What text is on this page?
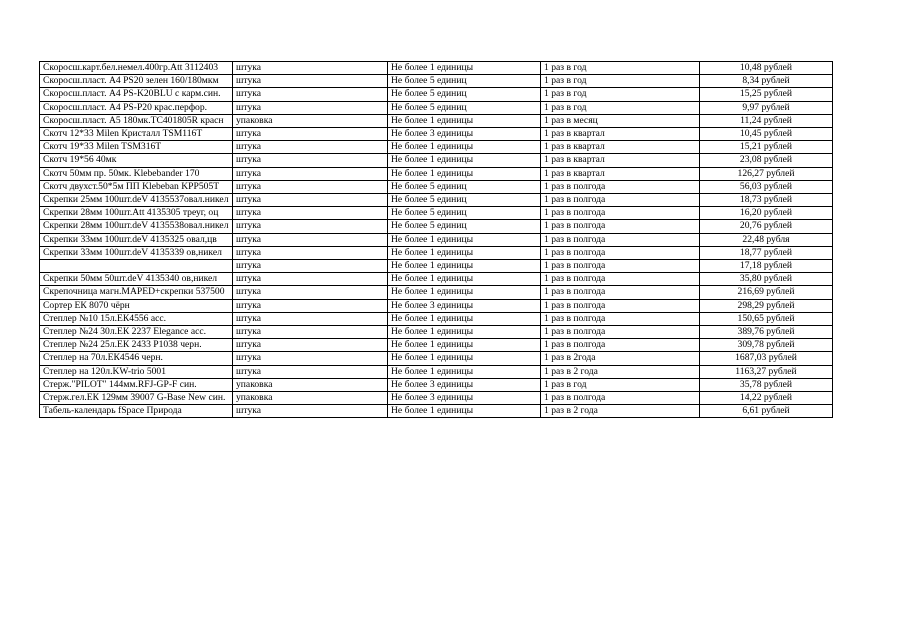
Скоросш.карт.бел.немел.400гр.Att 3112403	штука	Не более 1 единицы	1 раз в год	10,48 рублей
Скоросш.пласт. А4 PS20 зелен 160/180мкм	штука	Не более 5 единиц	1 раз в год	8,34 рублей
Скоросш.пласт. А4 PS-K20BLU с карм.син.	штука	Не более 5 единиц	1 раз в год	15,25 рублей
Скоросш.пласт. А4 PS-P20 крас.перфор.	штука	Не более 5 единиц	1 раз в год	9,97 рублей
Скоросш.пласт. А5 180мк.ТС401805R красн	упаковка	Не более 1 единицы	1 раз в месяц	11,24 рублей
Скотч 12*33 Milen Кристалл TSM116T	штука	Не более 3 единицы	1 раз в квартал	10,45 рублей
Скотч 19*33 Milen TSM316T	штука	Не более 1 единицы	1 раз в квартал	15,21 рублей
Скотч 19*56 40мк	штука	Не более 1 единицы	1 раз в квартал	23,08 рублей
Скотч 50мм пр. 50мк. Klebebander 170	штука	Не более 1 единицы	1 раз в квартал	126,27 рублей
Скотч двухст.50*5м ПП Klebeban KPP505T	штука	Не более 5 единиц	1 раз в полгода	56,03 рублей
Скрепки 25мм 100шт.deV 4135537овал.никел	штука	Не более 5 единиц	1 раз в полгода	18,73 рублей
Скрепки 28мм 100шт.Att 4135305 треуг, оц	штука	Не более 5 единиц	1 раз в полгода	16,20 рублей
Скрепки 28мм 100шт.deV 4135538овал.никел	штука	Не более 5 единиц	1 раз в полгода	20,76 рублей
Скрепки 33мм 100шт.deV 4135325 овал,цв	штука	Не более 1 единицы	1 раз в полгода	22,48 рубля
Скрепки 33мм 100шт.deV 4135339 ов,никел	штука	Не более 1 единицы	1 раз в полгода	18,77 рублей
	штука	Не более 1 единицы	1 раз в полгода	17,18 рублей
Скрепки 50мм 50шт.deV 4135340 ов,никел	штука	Не более 1 единицы	1 раз в полгода	35,80 рублей
Скрепочница магн.MAPED+скрепки 537500	штука	Не более 1 единицы	1 раз в полгода	216,69 рублей
Сортер ЕК 8070 чёрн	штука	Не более 3 единицы	1 раз в полгода	298,29 рублей
Степлер №10 15л.ЕК4556 асс.	штука	Не более 1 единицы	1 раз в полгода	150,65 рублей
Степлер №24 30л.ЕК 2237 Elegance асс.	штука	Не более 1 единицы	1 раз в полгода	389,76 рублей
Степлер №24 25л.ЕК 2433 Р1038 черн.	штука	Не более 1 единицы	1 раз в полгода	309,78 рублей
Степлер на 70л.ЕК4546 черн.	штука	Не более 1 единицы	1 раз в 2года	1687,03 рублей
Степлер на 120л.KW-trio 5001	штука	Не более 1 единицы	1 раз в 2 года	1163,27 рублей
Стерж."PILOT" 144мм.RFJ-GP-F син.	упаковка	Не более 3 единицы	1 раз в год	35,78 рублей
Стерж.гел.ЕК 129мм 39007 G-Base New син.	упаковка	Не более 3 единицы	1 раз в полгода	14,22 рублей
Табель-календарь fSpace Природа	штука	Не более 1 единицы	1 раз в 2 года	6,61 рублей
